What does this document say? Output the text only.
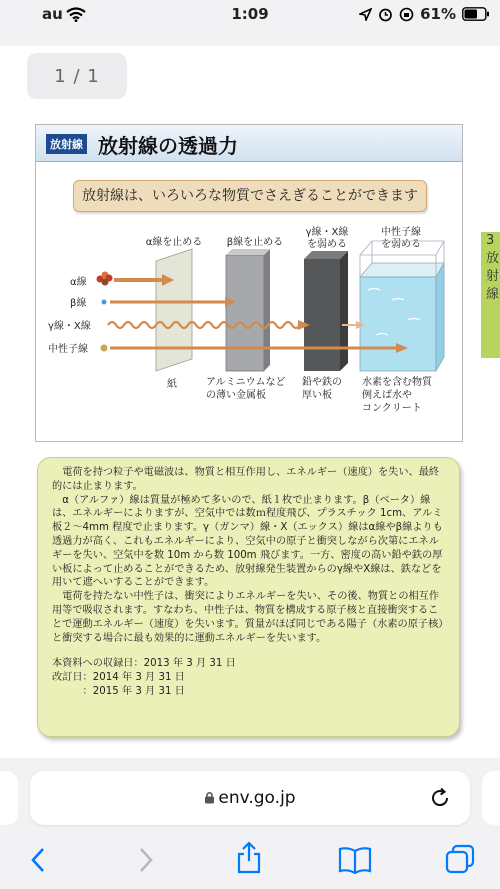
au	1:09	61%
1 / 1
放射線 放射線の透過力
放射線は、いろいろな物質でさえぎることができます
α線を止める	β線を止める
γ線・X線
を弱める
中性子線
を弱める
α線
β線
γ線・X線
中性子線
紙	アルミニウムなど
の薄い金属板
鉛や鉄の
厚い板
水素を含む物質
例えば水や
コンクリート
3
放
射
線

電荷を持つ粒子や電磁波は、物質と相互作用し、エネルギー（速度）を失い、最終的には止まります。

α（アルファ）線は質量が極めて多いので、紙１枚で止まります。β（ベータ）線は、エネルギーによりますが、空気中では数ｍ程度飛び、プラスチック 1cm、アルミ板２～4mm 程度で止まります。γ（ガンマ）線・X（エックス）線はα線やβ線よりも透過力が高く、これもエネルギーにより、空気中の原子と衝突しながら次第にエネルギーを失い、空気中を数 10m から数 100m 飛びます。一方、密度の高い鉛や鉄の厚い板によって止めることができるため、放射線発生装置からのγ線やX線は、鉄などを用いて遮へいすることができます。

電荷を持たない中性子は、衝突によりエネルギーを失い、その後、物質との相互作用等で吸収されます。すなわち、中性子は、物質を構成する原子核と直接衝突することで運動エネルギー（速度）を失います。質量がほぼ同じである陽子（水素の原子核）と衝突する場合に最も効果的に運動エネルギーを失います。

本資料への収録日：2013 年 3 月 31 日
改訂日：2014 年 3 月 31 日
　　　：2015 年 3 月 31 日
env.go.jp
